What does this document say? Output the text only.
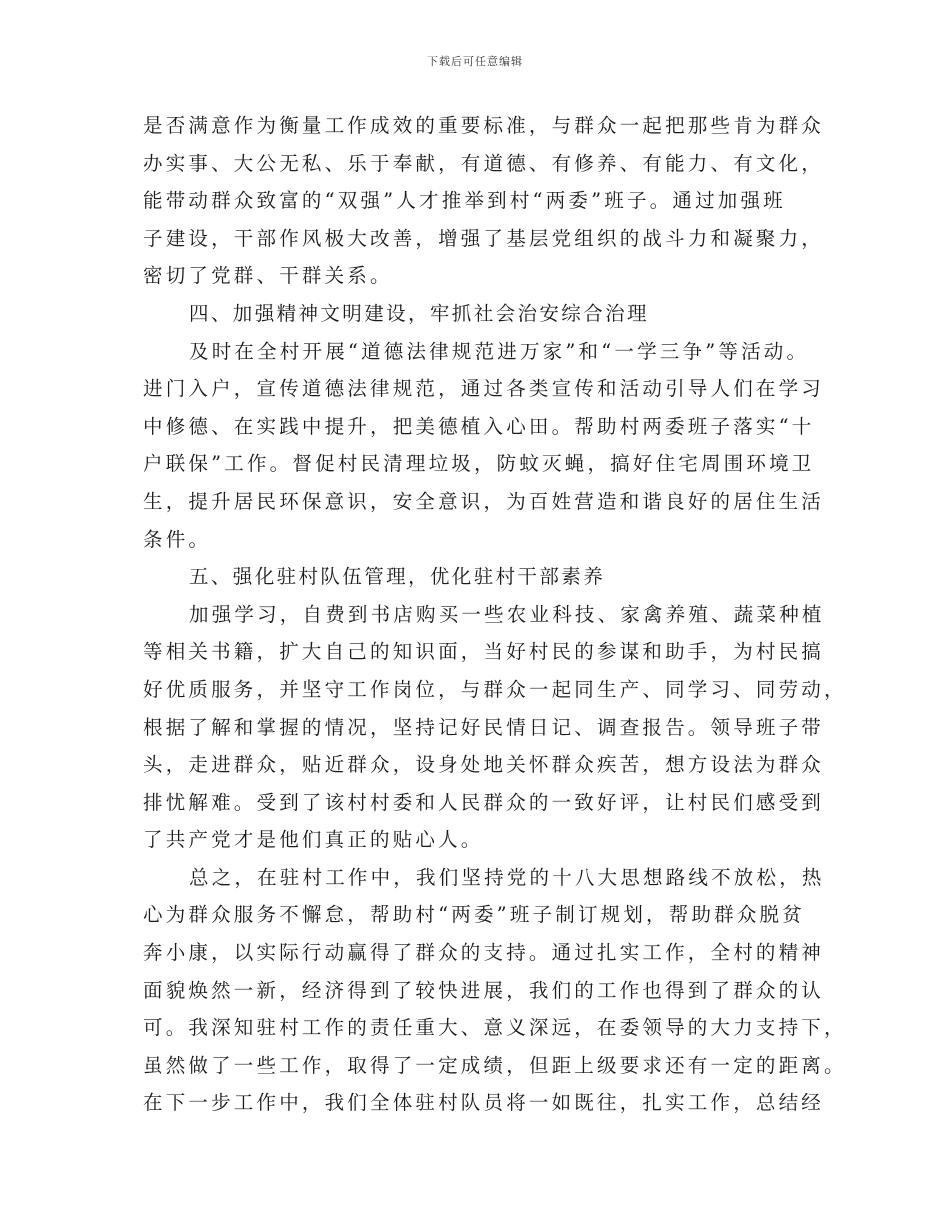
下载后可任意编辑
是否满意作为衡量工作成效的重要标准，与群众一起把那些肯为群众
办实事、大公无私、乐于奉献，有道德、有修养、有能力、有文化，
能带动群众致富的“双强”人才推举到村“两委”班子。通过加强班
子建设，干部作风极大改善，增强了基层党组织的战斗力和凝聚力，
密切了党群、干群关系。
四、加强精神文明建设，牢抓社会治安综合治理
及时在全村开展“道德法律规范进万家”和“一学三争”等活动。
进门入户，宣传道德法律规范，通过各类宣传和活动引导人们在学习
中修德、在实践中提升，把美德植入心田。帮助村两委班子落实“十
户联保”工作。督促村民清理垃圾，防蚊灭蝇，搞好住宅周围环境卫
生，提升居民环保意识，安全意识，为百姓营造和谐良好的居住生活
条件。
五、强化驻村队伍管理，优化驻村干部素养
加强学习，自费到书店购买一些农业科技、家禽养殖、蔬菜种植
等相关书籍，扩大自己的知识面，当好村民的参谋和助手，为村民搞
好优质服务，并坚守工作岗位，与群众一起同生产、同学习、同劳动，
根据了解和掌握的情况，坚持记好民情日记、调查报告。领导班子带
头，走进群众，贴近群众，设身处地关怀群众疾苦，想方设法为群众
排忧解难。受到了该村村委和人民群众的一致好评，让村民们感受到
了共产党才是他们真正的贴心人。
总之，在驻村工作中，我们坚持党的十八大思想路线不放松，热
心为群众服务不懈怠，帮助村“两委”班子制订规划，帮助群众脱贫
奔小康，以实际行动赢得了群众的支持。通过扎实工作，全村的精神
面貌焕然一新，经济得到了较快进展，我们的工作也得到了群众的认
可。我深知驻村工作的责任重大、意义深远，在委领导的大力支持下，
虽然做了一些工作，取得了一定成绩，但距上级要求还有一定的距离。
在下一步工作中，我们全体驻村队员将一如既往，扎实工作，总结经
